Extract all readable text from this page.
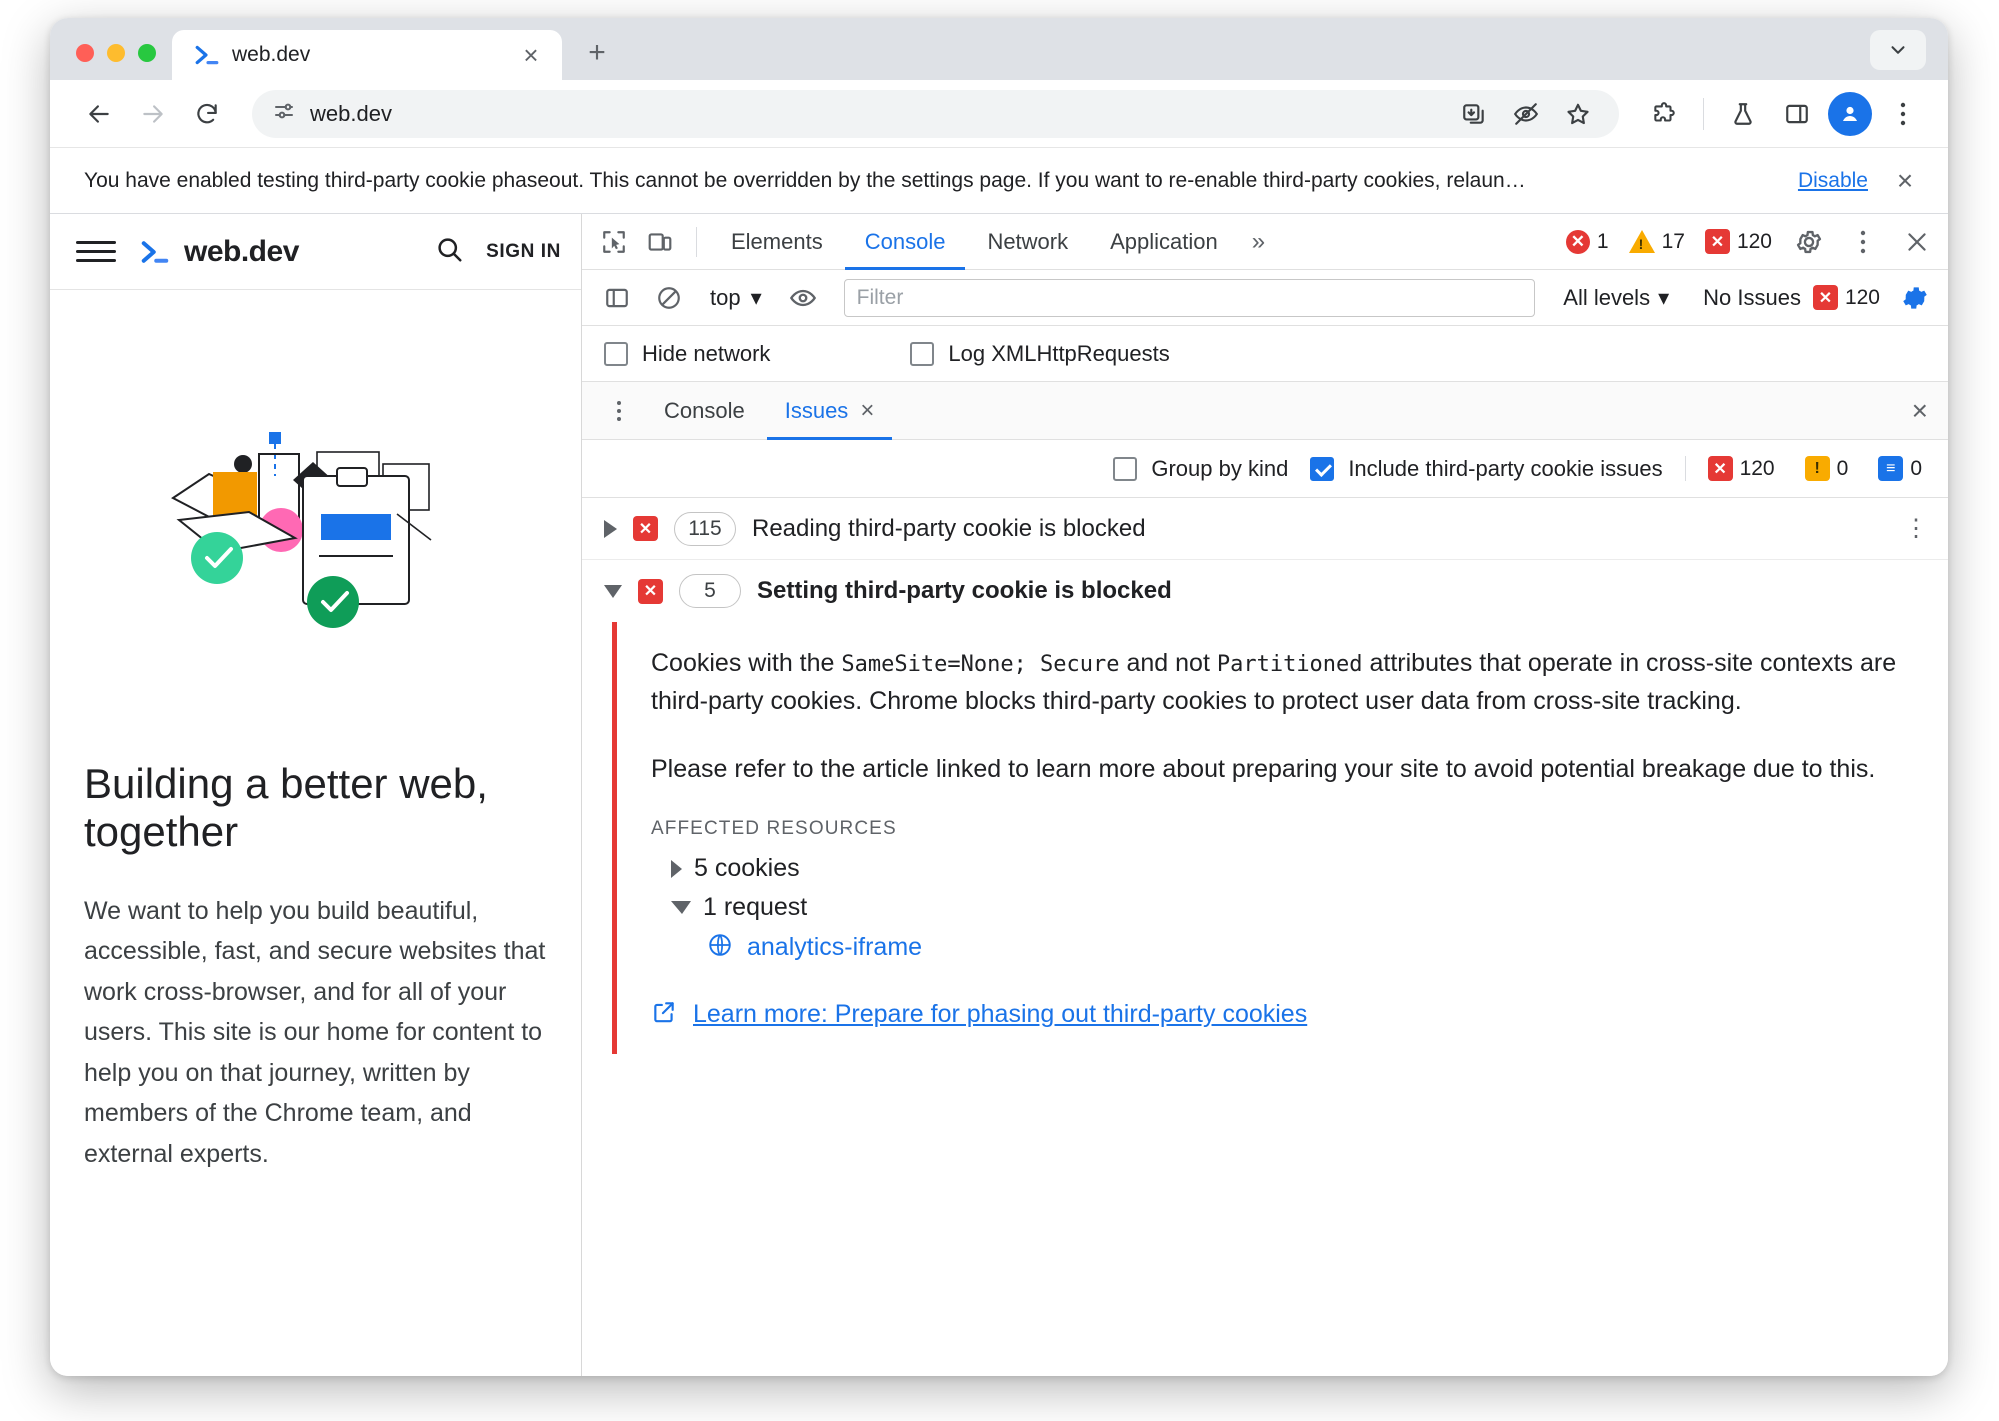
web.dev	×	+
web.dev
You have enabled testing third-party cookie phaseout. This cannot be overridden by the settings page. If you want to re-enable third-party cookies, relaun…	Disable	×
web.dev	SIGN IN
Building a better web, together

We want to help you build beautiful, accessible, fast, and secure websites that work cross-browser, and for all of your users. This site is our home for content to help you on that journey, written by members of the Chrome team, and external experts.

Elements	Console	Network	Application	»	✕ 1 !	17	✕ 120
top ▾	Filter	All levels ▾	No Issues	✕ 120
Hide network	Log XMLHttpRequests
Console	Issues ×	×
Group by kind	Include third-party cookie issues	✕ 120	! 0	≡ 0
✕	115	Reading third-party cookie is blocked	⋮
✕	5	Setting third-party cookie is blocked

Cookies with the SameSite=None; Secure and not Partitioned attributes that operate in cross-site contexts are third-party cookies. Chrome blocks third-party cookies to protect user data from cross-site tracking.

Please refer to the article linked to learn more about preparing your site to avoid potential breakage due to this.

AFFECTED RESOURCES
5 cookies
1 request
analytics-iframe
Learn more: Prepare for phasing out third-party cookies
